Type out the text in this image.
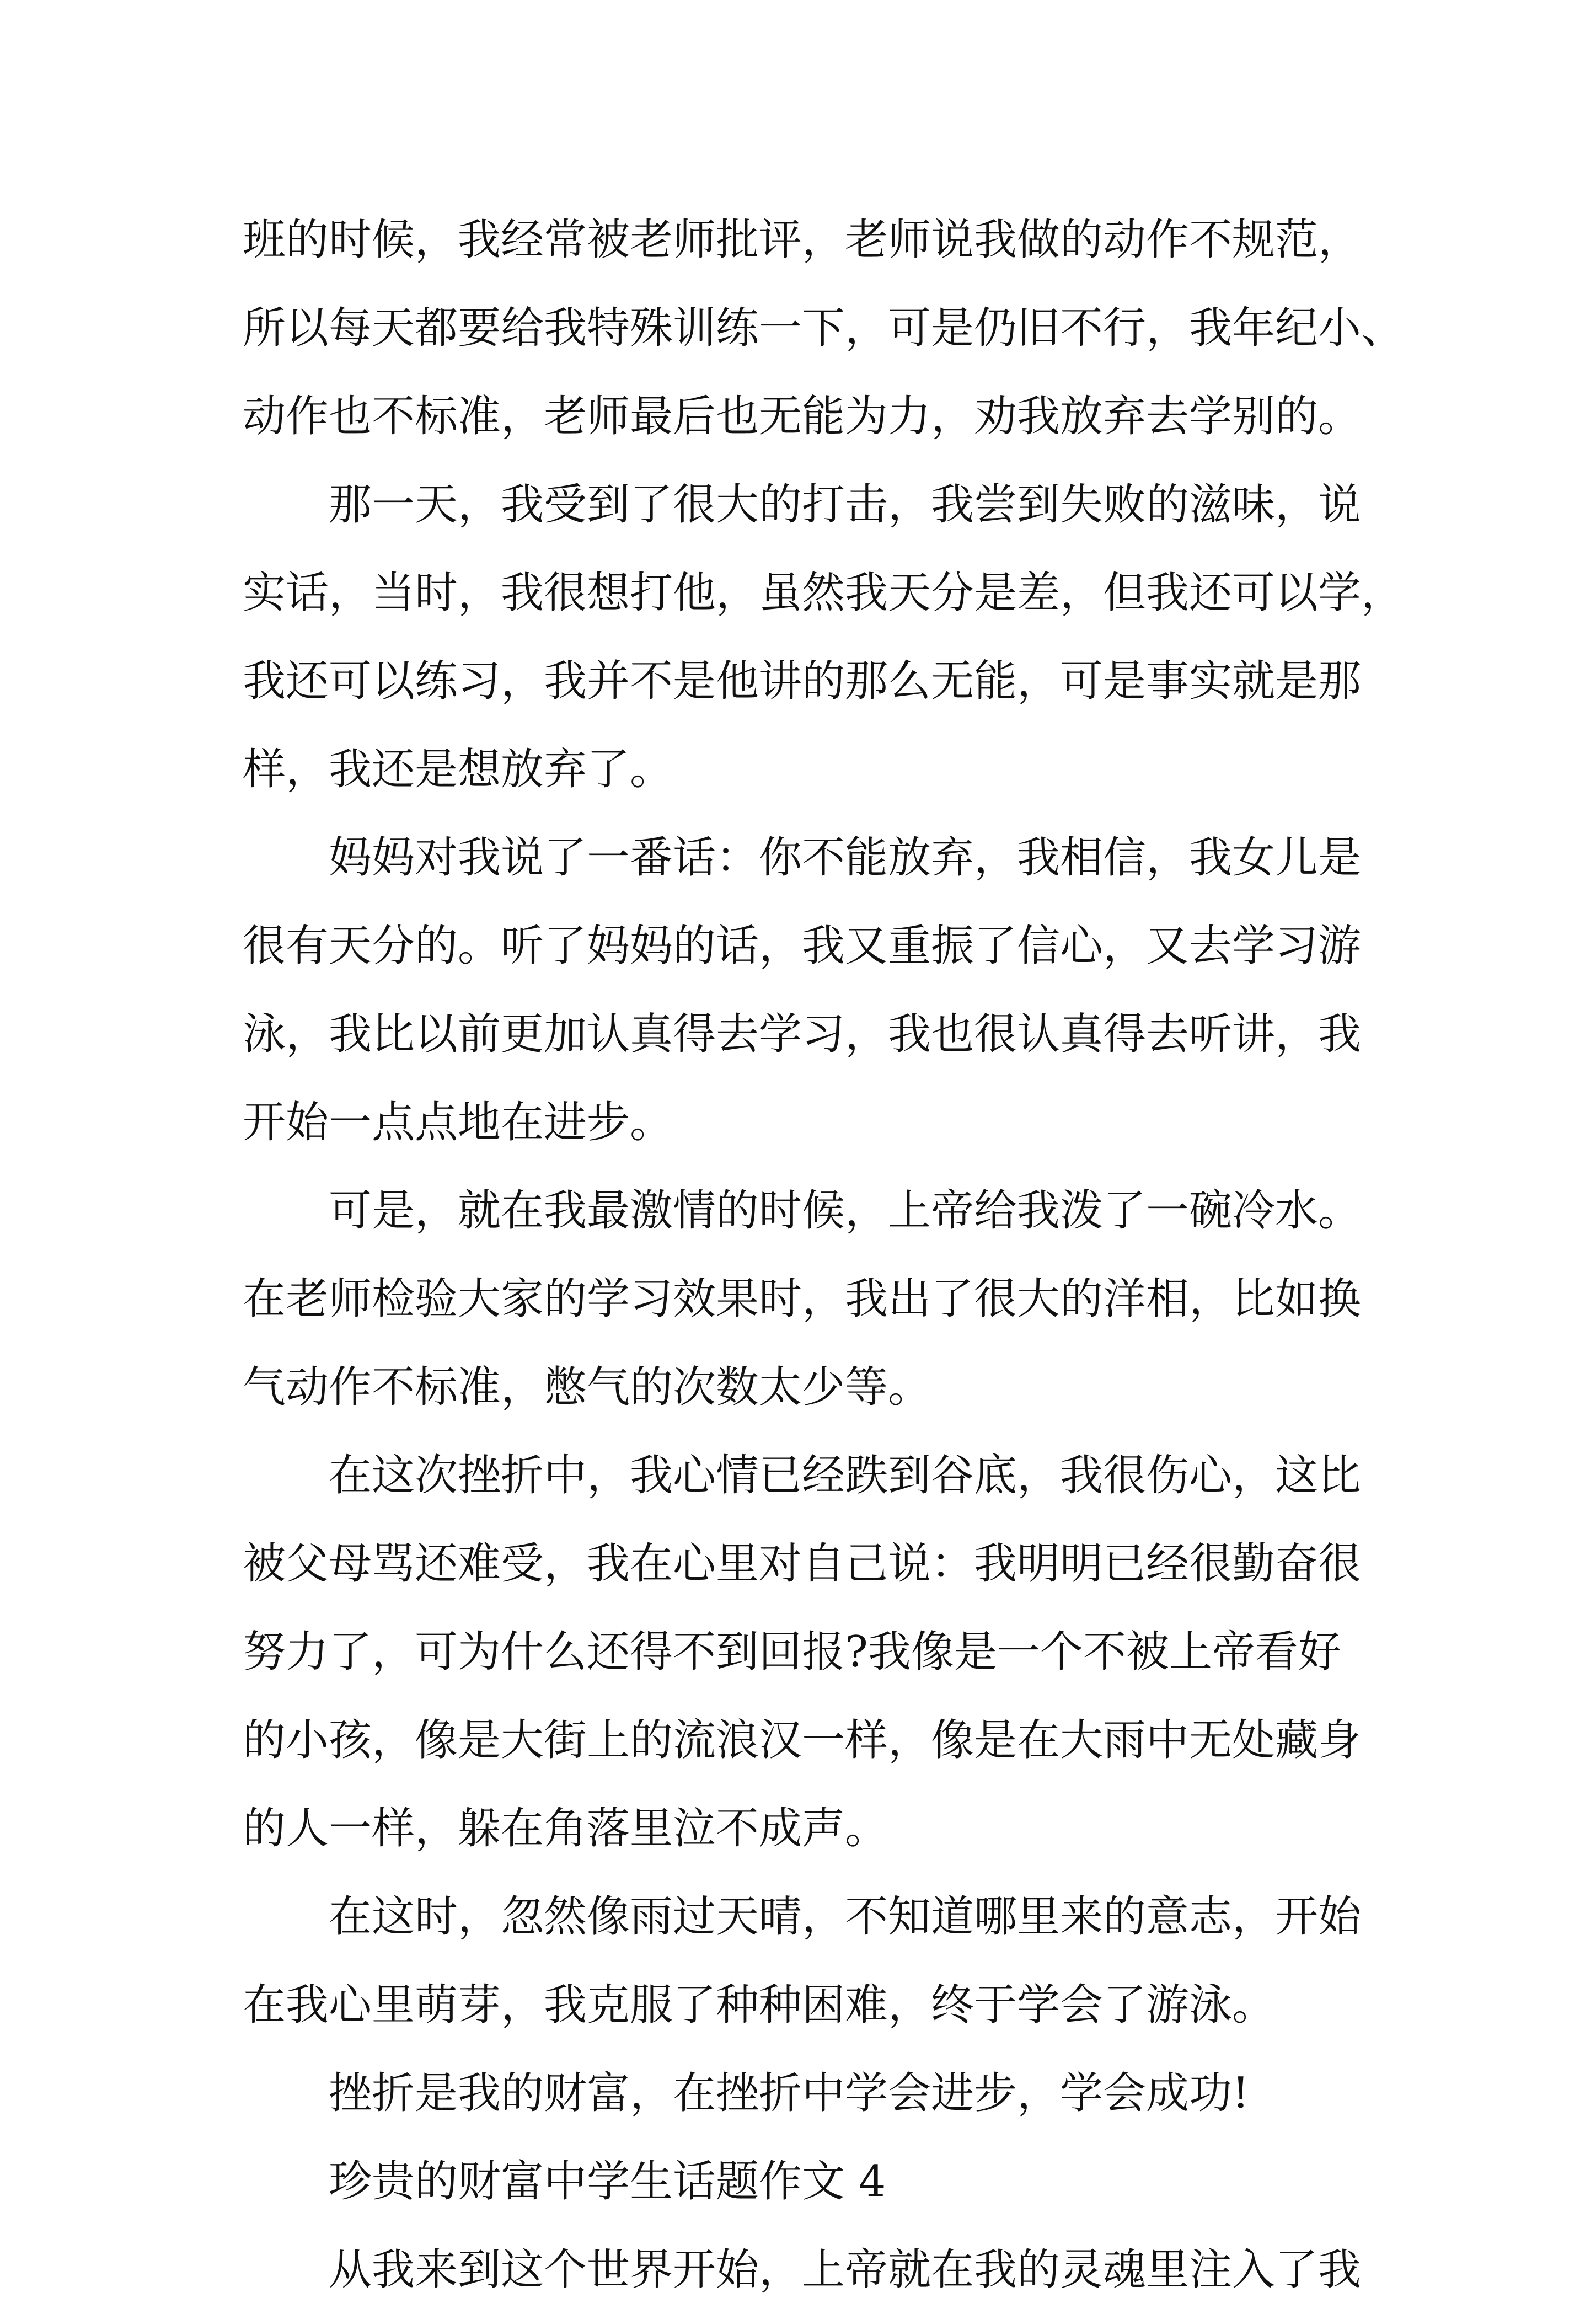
班的时候，我经常被老师批评，老师说我做的动作不规范，
所以每天都要给我特殊训练一下，可是仍旧不行，我年纪小、
动作也不标准，老师最后也无能为力，劝我放弃去学别的。
那一天，我受到了很大的打击，我尝到失败的滋味，说
实话，当时，我很想打他，虽然我天分是差，但我还可以学，
我还可以练习，我并不是他讲的那么无能，可是事实就是那
样，我还是想放弃了。
妈妈对我说了一番话：你不能放弃，我相信，我女儿是
很有天分的。听了妈妈的话，我又重振了信心，又去学习游
泳，我比以前更加认真得去学习，我也很认真得去听讲，我
开始一点点地在进步。
可是，就在我最激情的时候，上帝给我泼了一碗冷水。
在老师检验大家的学习效果时，我出了很大的洋相，比如换
气动作不标准，憋气的次数太少等。
在这次挫折中，我心情已经跌到谷底，我很伤心，这比
被父母骂还难受，我在心里对自己说：我明明已经很勤奋很
努力了，可为什么还得不到回报?我像是一个不被上帝看好
的小孩，像是大街上的流浪汉一样，像是在大雨中无处藏身
的人一样，躲在角落里泣不成声。
在这时，忽然像雨过天晴，不知道哪里来的意志，开始
在我心里萌芽，我克服了种种困难，终于学会了游泳。
挫折是我的财富，在挫折中学会进步，学会成功!
珍贵的财富中学生话题作文 4
从我来到这个世界开始，上帝就在我的灵魂里注入了我
